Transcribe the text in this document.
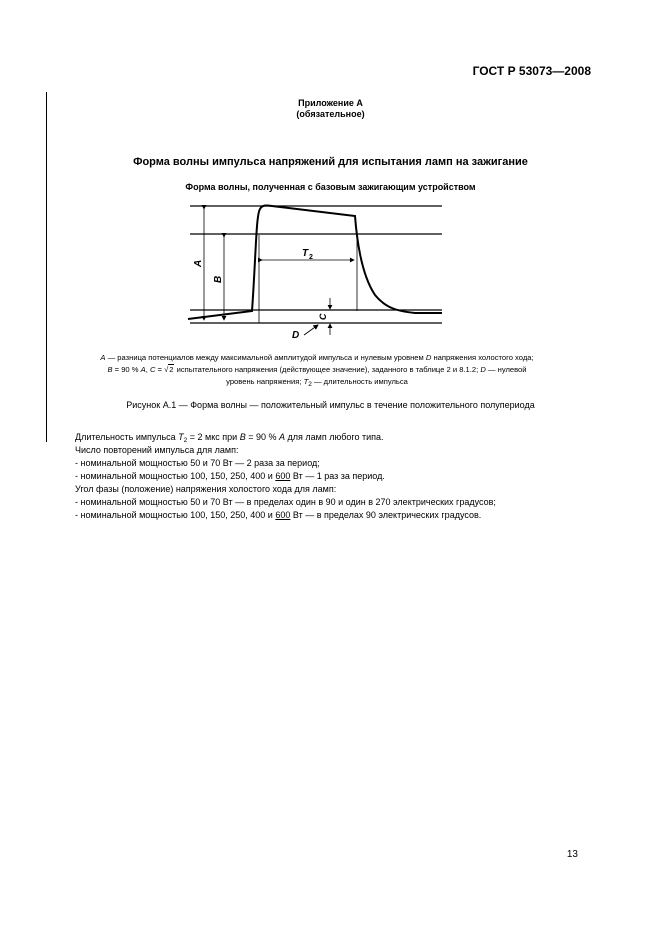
ГОСТ Р 53073—2008
Приложение А
(обязательное)
Форма волны импульса напряжений для испытания ламп на зажигание
Форма волны, полученная с базовым зажигающим устройством
T 2
A
B
C
D
A — разница потенциалов между максимальной амплитудой импульса и нулевым уровнем D напряжения холостого хода;
B = 90 % A, C = √2 испытательного напряжения (действующее значение), заданного в таблице 2 и 8.1.2; D — нулевой
уровень напряжения; T2 — длительность импульса
Рисунок А.1 — Форма волны — положительный импульс в течение положительного полупериода
Длительность импульса $T_2 = 2$ мкс при B = 90 % A для ламп любого типа.
Число повторений импульса для ламп:
- номинальной мощностью 50 и 70 Вт — 2 раза за период;
- номинальной мощностью 100, 150, 250, 400 и 600 Вт — 1 раз за период.
Угол фазы (положение) напряжения холостого хода для ламп:
- номинальной мощностью 50 и 70 Вт — в пределах один в 90 и один в 270 электрических градусов;
- номинальной мощностью 100, 150, 250, 400 и 600 Вт — в пределах 90 электрических градусов.
13
